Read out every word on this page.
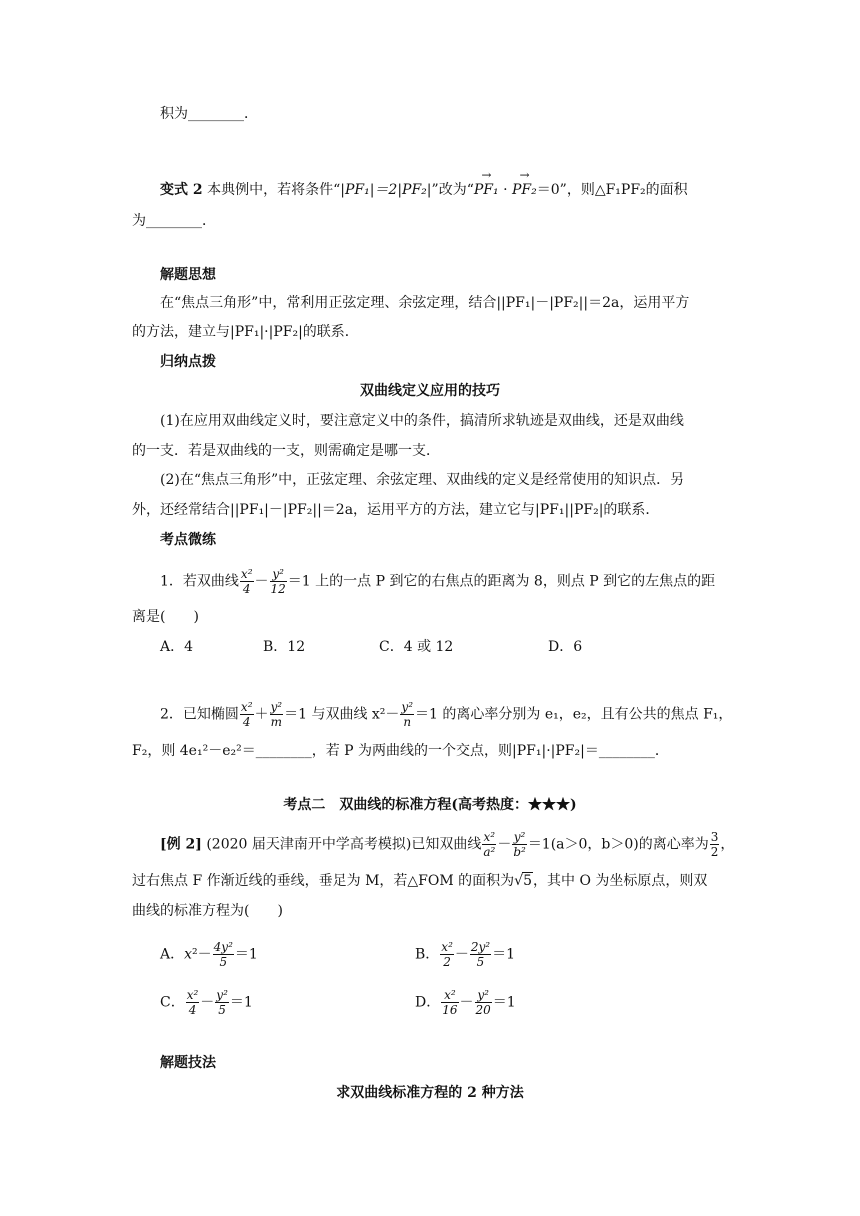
积为________．
变式 2 本典例中，若将条件“|PF₁|＝2|PF₂|”改为“→ PF₁ · → PF₂＝0”，则△F₁PF₂的面积
为________．
解题思想
在“焦点三角形”中，常利用正弦定理、余弦定理，结合||PF₁|－|PF₂||＝2a，运用平方
的方法，建立与|PF₁|·|PF₂|的联系．
归纳点拨
双曲线定义应用的技巧
(1)在应用双曲线定义时，要注意定义中的条件，搞清所求轨迹是双曲线，还是双曲线
的一支．若是双曲线的一支，则需确定是哪一支．
(2)在“焦点三角形”中，正弦定理、余弦定理、双曲线的定义是经常使用的知识点．另
外，还经常结合||PF₁|－|PF₂||＝2a，运用平方的方法，建立它与|PF₁||PF₂|的联系．
考点微练
1．若双曲线 $\frac{\text{x²}}{4} - \frac{\text{y²}}{12} =1$ 上的一点 P 到它的右焦点的距离为 8，则点 P 到它的左焦点的距
离是(　　)
A．4	B．12	C．4 或 12	D．6
2．已知椭圆 $\frac{\text{x²}}{4} + \frac{\text{y²}}{m} =1$ 与双曲线 $x^2- \frac{\text{y²}}{n} =1$ 的离心率分别为 e₁，e₂，且有公共的焦点 F₁，
F₂，则 4e₁²－e₂²＝________，若 P 为两曲线的一个交点，则|PF₁|·|PF₂|＝________．
考点二　双曲线的标准方程(高考热度：★★★)
[例 2] (2020 届天津南开中学高考模拟)已知双曲线 $\frac{\text{x²}}{\text{a²}} - \frac{\text{y²}}{\text{b²}} =1(a>0$，b＞0)的离心率为 $\frac{3}{2}$ ，
过右焦点 F 作渐近线的垂线，垂足为 M，若△FOM 的面积为√5，其中 O 为坐标原点，则双
曲线的标准方程为(　　)
A．$x^2- \frac{\text{4y²}}{5} =1$	B． $\frac{\text{x²}}{2} - \frac{\text{2y²}}{5} =1$
C． $\frac{\text{x²}}{4} - \frac{\text{y²}}{5} =1$	D． $\frac{\text{x²}}{16} - \frac{\text{y²}}{20} =1$
解题技法
求双曲线标准方程的 2 种方法
